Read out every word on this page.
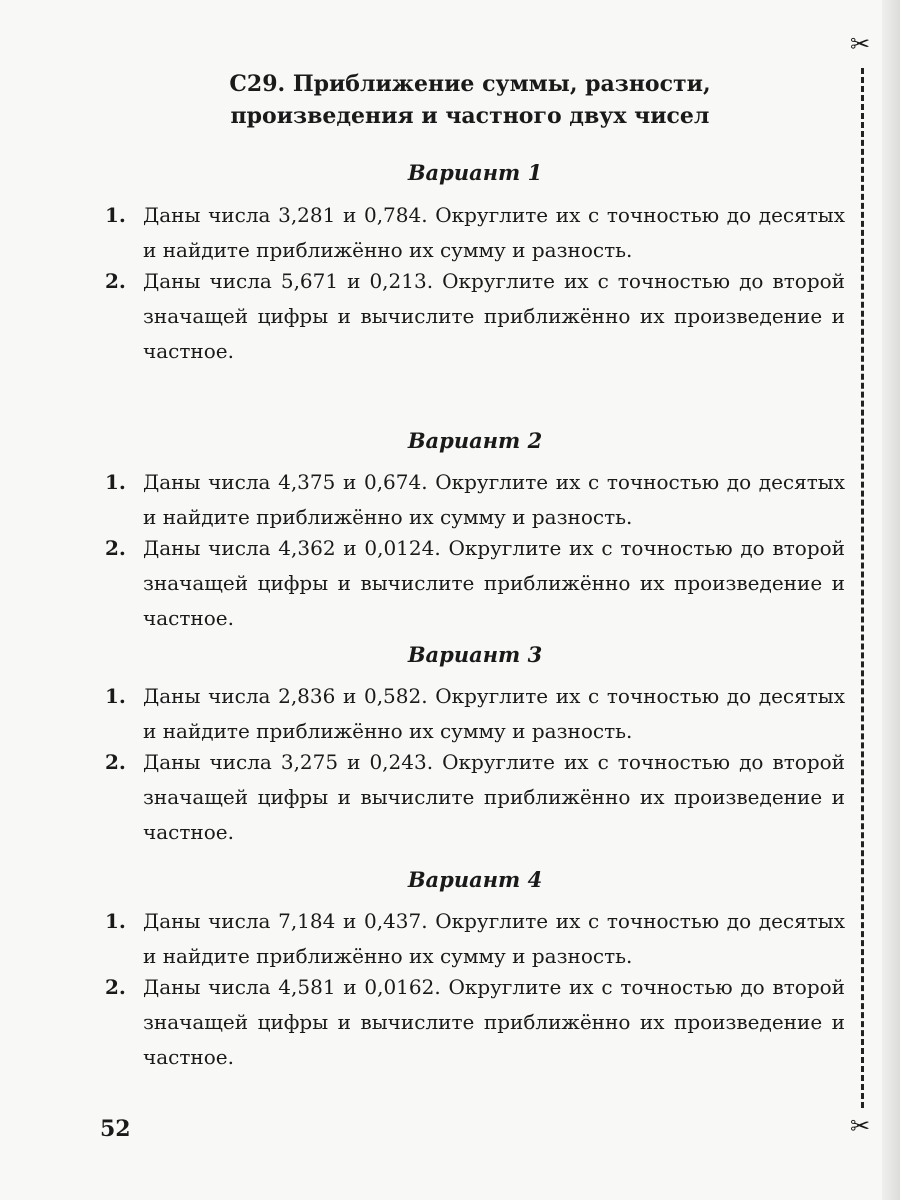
С29. Приближение суммы, разности,
произведения и частного двух чисел
Вариант 1
1. Даны числа 3,281 и 0,784. Округлите их с точностью до десятых и найдите приближённо их сумму и разность.
2. Даны числа 5,671 и 0,213. Округлите их с точностью до второй значащей цифры и вычислите приближённо их произведение и частное.
Вариант 2
1. Даны числа 4,375 и 0,674. Округлите их с точностью до десятых и найдите приближённо их сумму и разность.
2. Даны числа 4,362 и 0,0124. Округлите их с точностью до второй значащей цифры и вычислите приближённо их произведение и частное.
Вариант 3
1. Даны числа 2,836 и 0,582. Округлите их с точностью до десятых и найдите приближённо их сумму и разность.
2. Даны числа 3,275 и 0,243. Округлите их с точностью до второй значащей цифры и вычислите приближённо их произведение и частное.
Вариант 4
1. Даны числа 7,184 и 0,437. Округлите их с точностью до десятых и найдите приближённо их сумму и разность.
2. Даны числа 4,581 и 0,0162. Округлите их с точностью до второй значащей цифры и вычислите приближённо их произведение и частное.
✂
✂
52
